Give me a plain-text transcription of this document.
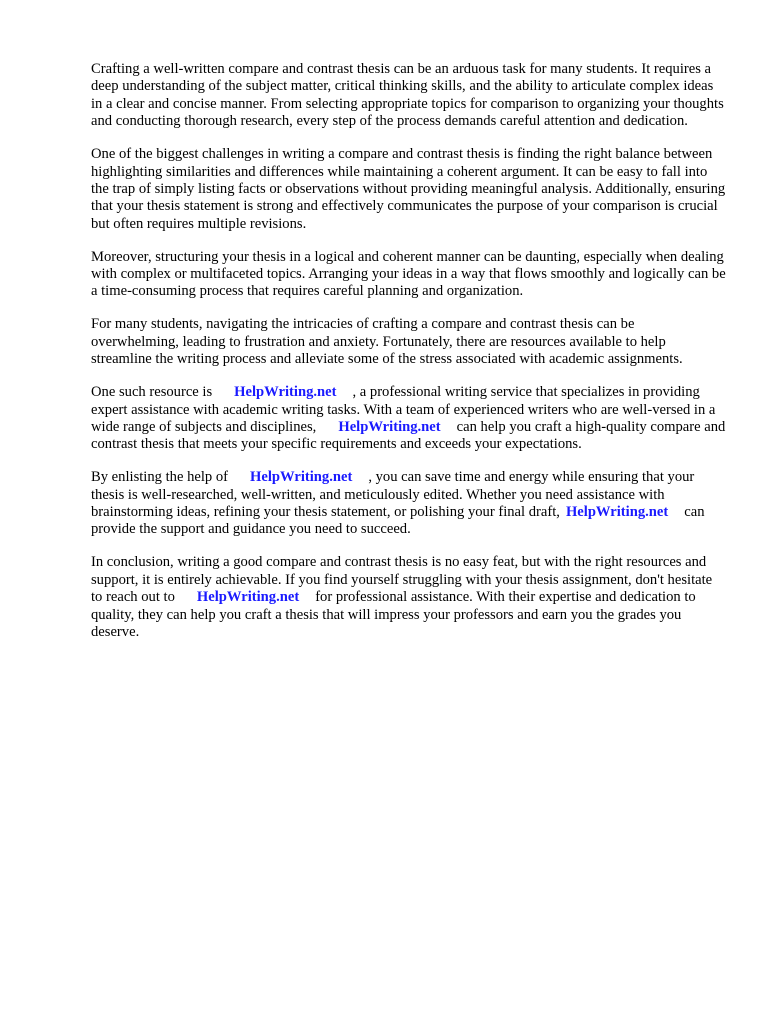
Crafting a well-written compare and contrast thesis can be an arduous task for many students. It requires a deep understanding of the subject matter, critical thinking skills, and the ability to articulate complex ideas in a clear and concise manner. From selecting appropriate topics for comparison to organizing your thoughts and conducting thorough research, every step of the process demands careful attention and dedication.

One of the biggest challenges in writing a compare and contrast thesis is finding the right balance between highlighting similarities and differences while maintaining a coherent argument. It can be easy to fall into the trap of simply listing facts or observations without providing meaningful analysis. Additionally, ensuring that your thesis statement is strong and effectively communicates the purpose of your comparison is crucial but often requires multiple revisions.

Moreover, structuring your thesis in a logical and coherent manner can be daunting, especially when dealing with complex or multifaceted topics. Arranging your ideas in a way that flows smoothly and logically can be a time-consuming process that requires careful planning and organization.

For many students, navigating the intricacies of crafting a compare and contrast thesis can be overwhelming, leading to frustration and anxiety. Fortunately, there are resources available to help streamline the writing process and alleviate some of the stress associated with academic assignments.

One such resource is HelpWriting.net , a professional writing service that specializes in providing expert assistance with academic writing tasks. With a team of experienced writers who are well-versed in a wide range of subjects and disciplines, HelpWriting.net can help you craft a high-quality compare and contrast thesis that meets your specific requirements and exceeds your expectations.

By enlisting the help of HelpWriting.net , you can save time and energy while ensuring that your thesis is well-researched, well-written, and meticulously edited. Whether you need assistance with brainstorming ideas, refining your thesis statement, or polishing your final draft, HelpWriting.net can provide the support and guidance you need to succeed.

In conclusion, writing a good compare and contrast thesis is no easy feat, but with the right resources and support, it is entirely achievable. If you find yourself struggling with your thesis assignment, don't hesitate to reach out to HelpWriting.net for professional assistance. With their expertise and dedication to quality, they can help you craft a thesis that will impress your professors and earn you the grades you deserve.
